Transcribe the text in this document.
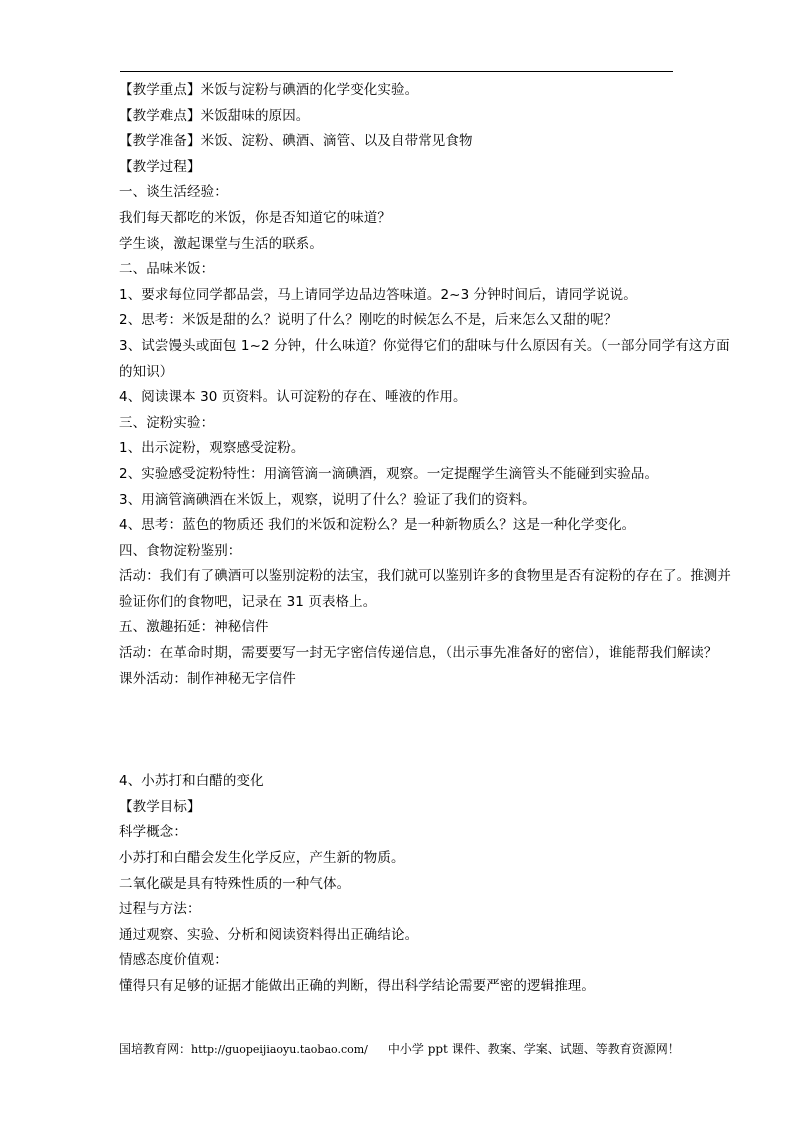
【教学重点】米饭与淀粉与碘酒的化学变化实验。
【教学难点】米饭甜味的原因。
【教学准备】米饭、淀粉、碘酒、滴管、以及自带常见食物
【教学过程】
一、谈生活经验：
我们每天都吃的米饭，你是否知道它的味道？
学生谈，激起课堂与生活的联系。
二、品味米饭：
1、要求每位同学都品尝，马上请同学边品边答味道。2~3 分钟时间后，请同学说说。
2、思考：米饭是甜的么？说明了什么？刚吃的时候怎么不是，后来怎么又甜的呢？
3、试尝馒头或面包 1~2 分钟，什么味道？你觉得它们的甜味与什么原因有关。（一部分同学有这方面的知识）
4、阅读课本 30 页资料。认可淀粉的存在、唾液的作用。
三、淀粉实验：
1、出示淀粉，观察感受淀粉。
2、实验感受淀粉特性：用滴管滴一滴碘酒，观察。一定提醒学生滴管头不能碰到实验品。
3、用滴管滴碘酒在米饭上，观察，说明了什么？验证了我们的资料。
4、思考：蓝色的物质还 我们的米饭和淀粉么？是一种新物质么？这是一种化学变化。
四、食物淀粉鉴别：
活动：我们有了碘酒可以鉴别淀粉的法宝，我们就可以鉴别许多的食物里是否有淀粉的存在了。推测并验证你们的食物吧，记录在 31 页表格上。
五、激趣拓延：神秘信件
活动：在革命时期，需要要写一封无字密信传递信息，（出示事先准备好的密信），谁能帮我们解读？
课外活动：制作神秘无字信件
4、小苏打和白醋的变化
【教学目标】
科学概念：
小苏打和白醋会发生化学反应，产生新的物质。
二氧化碳是具有特殊性质的一种气体。
过程与方法：
通过观察、实验、分析和阅读资料得出正确结论。
情感态度价值观：
懂得只有足够的证据才能做出正确的判断，得出科学结论需要严密的逻辑推理。
国培教育网：http://guopeijiaoyu.taobao.com/ 中小学 ppt 课件、教案、学案、试题、等教育资源网！
